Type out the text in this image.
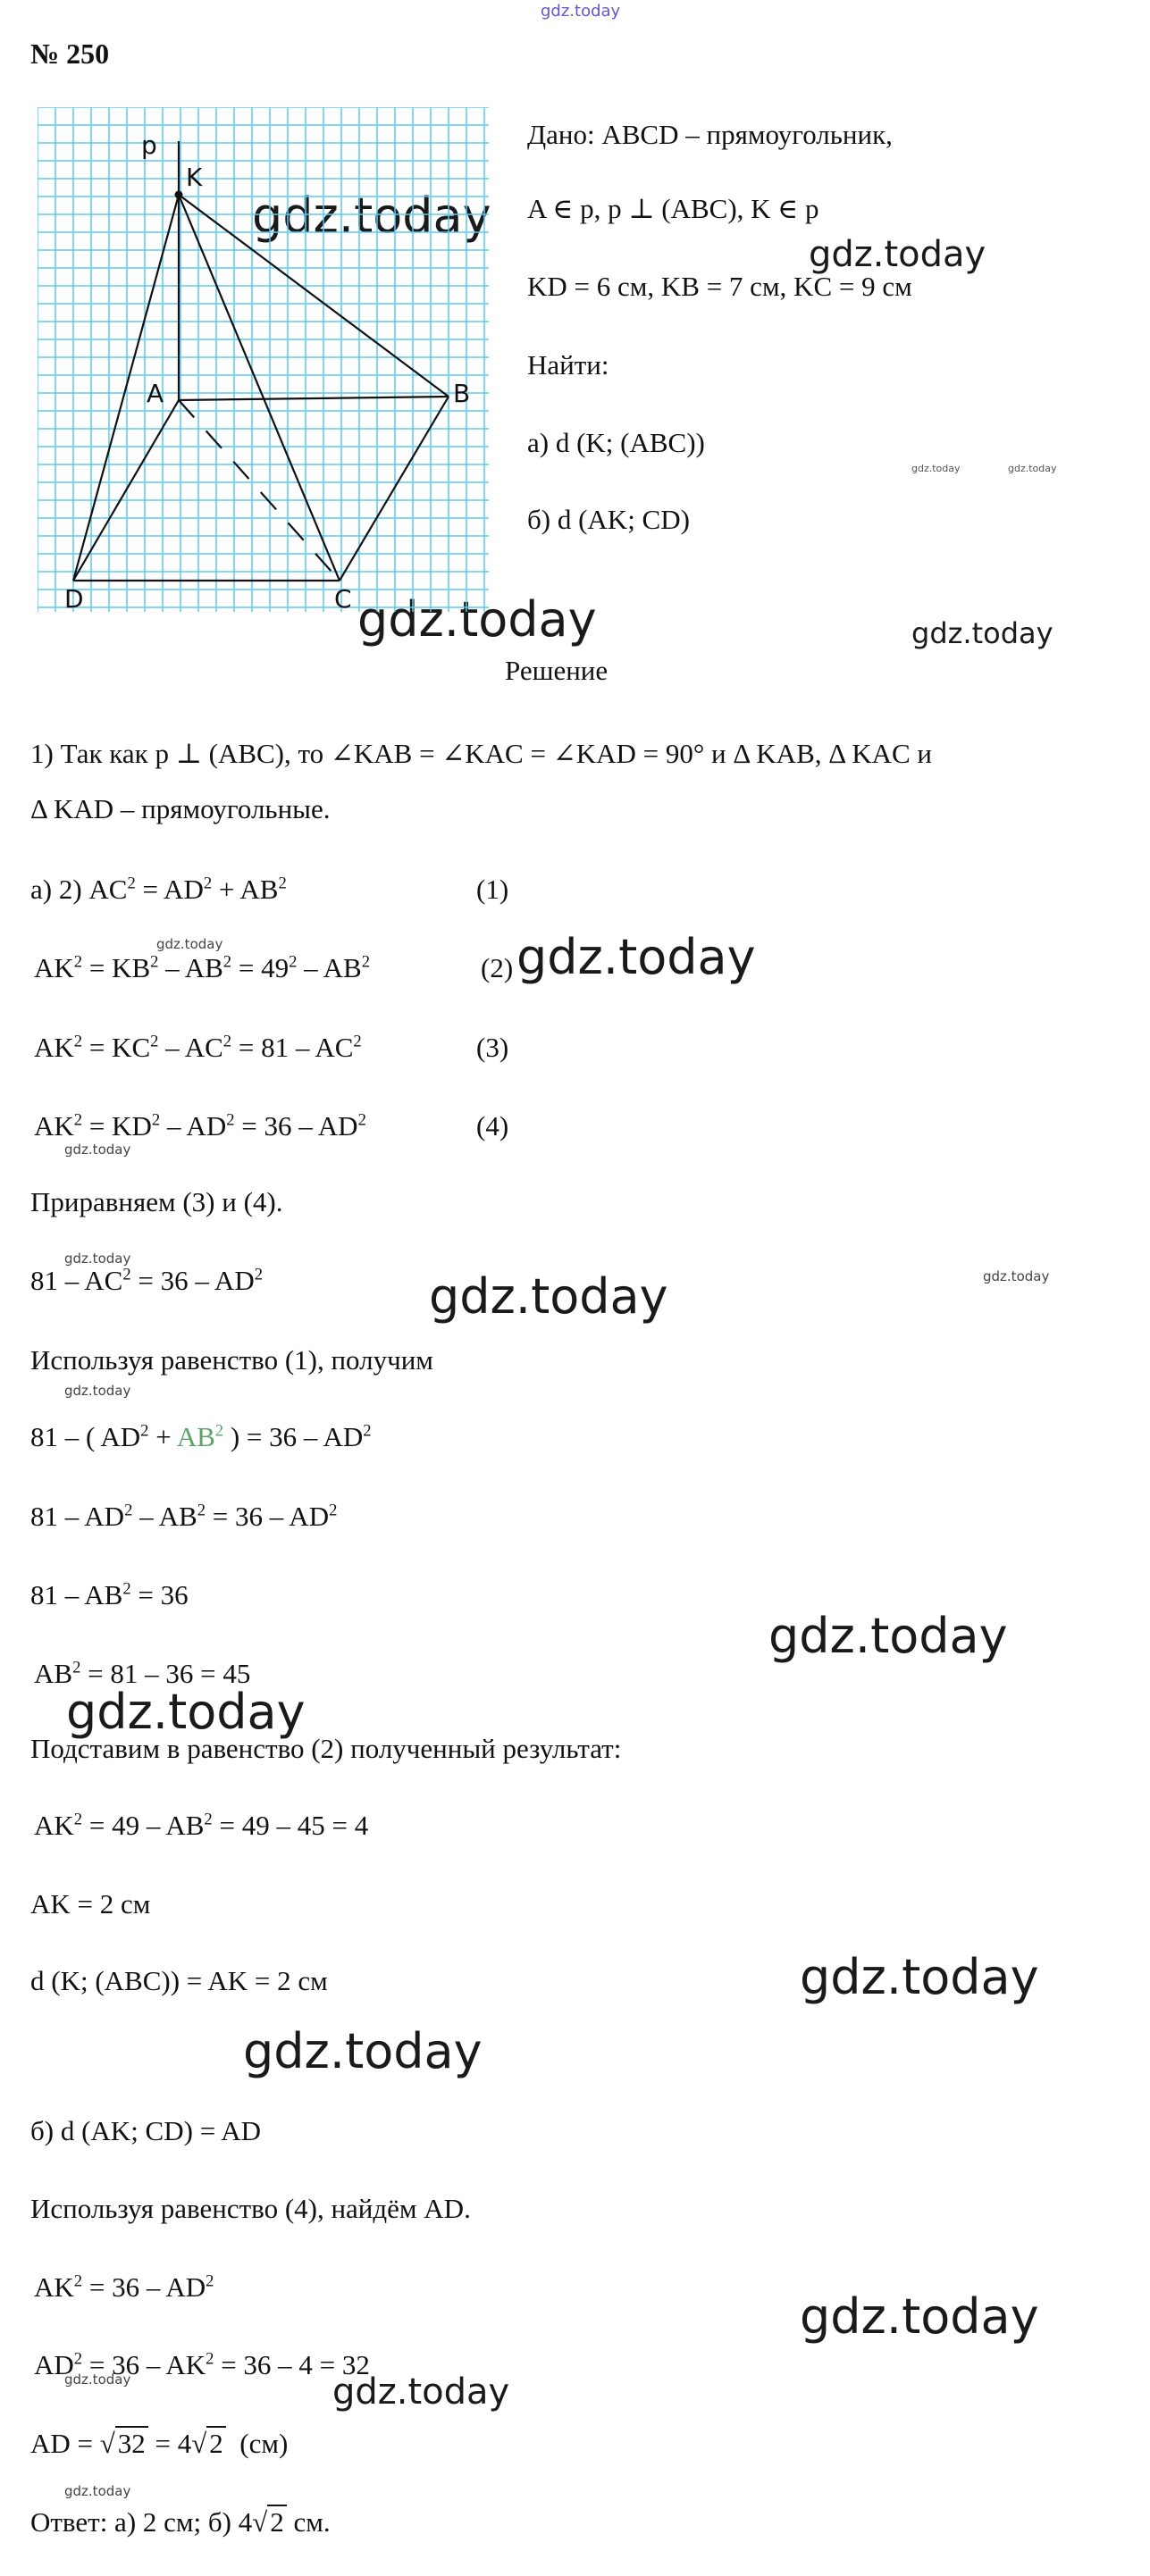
gdz.today
gdz.today
gdz.today
gdz.today	gdz.today
gdz.today	gdz.today
gdz.today	gdz.today
gdz.today
gdz.today
gdz.today	gdz.today
gdz.today
gdz.today
gdz.today
gdz.today
gdz.today
gdz.today
gdz.today	gdz.today
gdz.today
№ 250
p
K
A	B
C
D
Дано: ABCD – прямоугольник,
A ∈ p, p ⊥ (ABC), K ∈ p
KD = 6 см, KB = 7 см, KC = 9 см
Найти:
а) d (K; (ABC))
б) d (AK; CD)
Решение
1) Так как p ⊥ (ABC), то ∠KAB = ∠KAC = ∠KAD = 90° и Δ KAB, Δ KAC и
Δ KAD – прямоугольные.
а) 2) $AC^2 = AD^2 + AB^2$	(1)
$AK^2 = KB^2 - AB^2 = 49^2 - AB^2$	(2)
$AK^2 = KC^2 - AC^2 = 81 - AC^2$	(3)
$AK^2 = KD^2 - AD^2 = 36 - AD^2$	(4)
Приравняем (3) и (4).
$81 - AC^2 = 36 - AD^2$
Используя равенство (1), получим
81 – ( $AD^2 + AB^2$ ) = $36 - AD^2$
$81 - AD^2 - AB^2 = 36 - AD^2$
$81 - AB^2 = 36$
$AB^2 = 81 - 36 = 45$
Подставим в равенство (2) полученный результат:
$AK^2 = 49 - AB^2 = 49 - 45 = 4$
AK = 2 см
d (K; (ABC)) = AK = 2 см
б) d (AK; CD) = AD
Используя равенство (4), найдём AD.
$AK^2 = 36 - AD^2$
$AD^2 = 36 - AK^2 = 36 - 4 = 32$
AD = √32 = 4√2 (см)
Ответ: а) 2 см; б) 4√2 см.
